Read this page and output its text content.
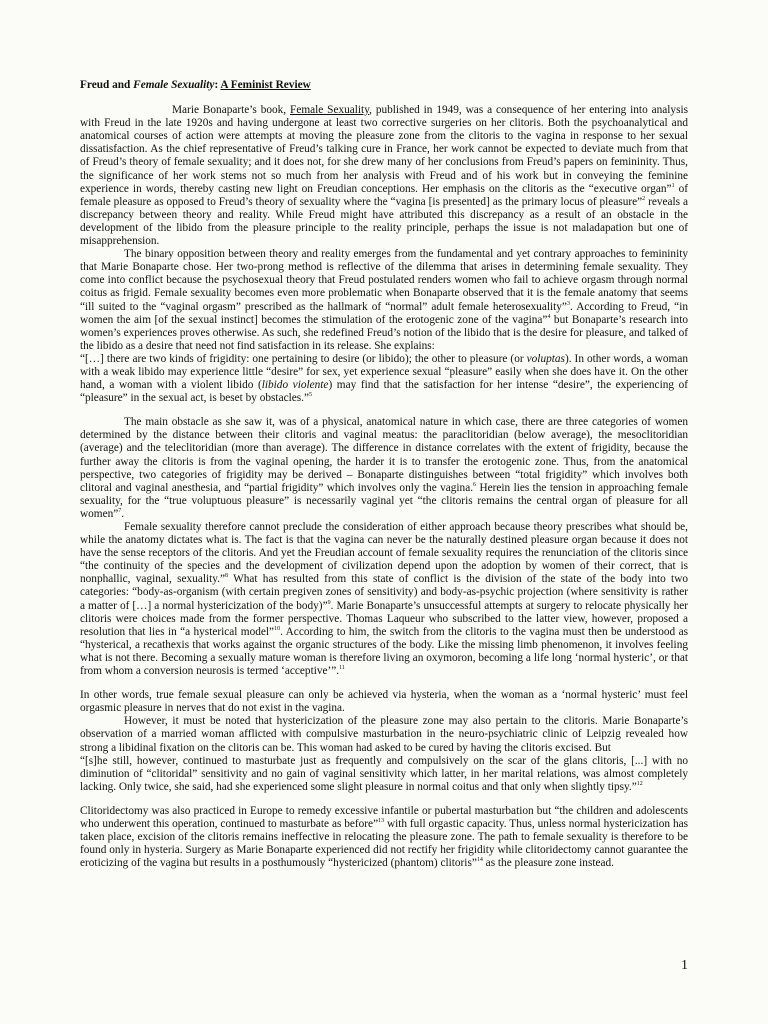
Freud and Female Sexuality: A Feminist Review

Marie Bonaparte’s book, Female Sexuality, published in 1949, was a consequence of her entering into analysis with Freud in the late 1920s and having undergone at least two corrective surgeries on her clitoris. Both the psychoanalytical and anatomical courses of action were attempts at moving the pleasure zone from the clitoris to the vagina in response to her sexual dissatisfaction. As the chief representative of Freud’s talking cure in France, her work cannot be expected to deviate much from that of Freud’s theory of female sexuality; and it does not, for she drew many of her conclusions from Freud’s papers on femininity. Thus, the significance of her work stems not so much from her analysis with Freud and of his work but in conveying the feminine experience in words, thereby casting new light on Freudian conceptions. Her emphasis on the clitoris as the “executive organ”$^1$ of female pleasure as opposed to Freud’s theory of sexuality where the “vagina [is presented] as the primary locus of pleasure”$^2$ reveals a discrepancy between theory and reality. While Freud might have attributed this discrepancy as a result of an obstacle in the development of the libido from the pleasure principle to the reality principle, perhaps the issue is not maladapation but one of misapprehension.

The binary opposition between theory and reality emerges from the fundamental and yet contrary approaches to femininity that Marie Bonaparte chose. Her two-prong method is reflective of the dilemma that arises in determining female sexuality. They come into conflict because the psychosexual theory that Freud postulated renders women who fail to achieve orgasm through normal coitus as frigid. Female sexuality becomes even more problematic when Bonaparte observed that it is the female anatomy that seems “ill suited to the “vaginal orgasm” prescribed as the hallmark of “normal” adult female heterosexuality”$^3$. According to Freud, “in women the aim [of the sexual instinct] becomes the stimulation of the erotogenic zone of the vagina”$^4$ but Bonaparte’s research into women’s experiences proves otherwise. As such, she redefined Freud’s notion of the libido that is the desire for pleasure, and talked of the libido as a desire that need not find satisfaction in its release. She explains:

“[…] there are two kinds of frigidity: one pertaining to desire (or libido); the other to pleasure (or voluptas). In other words, a woman with a weak libido may experience little “desire” for sex, yet experience sexual “pleasure” easily when she does have it. On the other hand, a woman with a violent libido (libido violente) may find that the satisfaction for her intense “desire”, the experiencing of “pleasure” in the sexual act, is beset by obstacles.”$^5$

The main obstacle as she saw it, was of a physical, anatomical nature in which case, there are three categories of women determined by the distance between their clitoris and vaginal meatus: the paraclitoridian (below average), the mesoclitoridian (average) and the teleclitoridian (more than average). The difference in distance correlates with the extent of frigidity, because the further away the clitoris is from the vaginal opening, the harder it is to transfer the erotogenic zone. Thus, from the anatomical perspective, two categories of frigidity may be derived – Bonaparte distinguishes between “total frigidity” which involves both clitoral and vaginal anesthesia, and “partial frigidity” which involves only the vagina.$^6$ Herein lies the tension in approaching female sexuality, for the “true voluptuous pleasure” is necessarily vaginal yet “the clitoris remains the central organ of pleasure for all women”$^7$.

Female sexuality therefore cannot preclude the consideration of either approach because theory prescribes what should be, while the anatomy dictates what is. The fact is that the vagina can never be the naturally destined pleasure organ because it does not have the sense receptors of the clitoris. And yet the Freudian account of female sexuality requires the renunciation of the clitoris since “the continuity of the species and the development of civilization depend upon the adoption by women of their correct, that is nonphallic, vaginal, sexuality.”$^8$ What has resulted from this state of conflict is the division of the state of the body into two categories: “body-as-organism (with certain pregiven zones of sensitivity) and body-as-psychic projection (where sensitivity is rather a matter of […] a normal hystericization of the body)”$^9$. Marie Bonaparte’s unsuccessful attempts at surgery to relocate physically her clitoris were choices made from the former perspective. Thomas Laqueur who subscribed to the latter view, however, proposed a resolution that lies in “a hysterical model”$^{10}$. According to him, the switch from the clitoris to the vagina must then be understood as “hysterical, a recathexis that works against the organic structures of the body. Like the missing limb phenomenon, it involves feeling what is not there. Becoming a sexually mature woman is therefore living an oxymoron, becoming a life long ‘normal hysteric’, or that from whom a conversion neurosis is termed ‘acceptive’”.$^{11}$

In other words, true female sexual pleasure can only be achieved via hysteria, when the woman as a ‘normal hysteric’ must feel orgasmic pleasure in nerves that do not exist in the vagina.

However, it must be noted that hystericization of the pleasure zone may also pertain to the clitoris. Marie Bonaparte’s observation of a married woman afflicted with compulsive masturbation in the neuro-psychiatric clinic of Leipzig revealed how strong a libidinal fixation on the clitoris can be. This woman had asked to be cured by having the clitoris excised. But

“[s]he still, however, continued to masturbate just as frequently and compulsively on the scar of the glans clitoris, [...] with no diminution of “clitoridal” sensitivity and no gain of vaginal sensitivity which latter, in her marital relations, was almost completely lacking. Only twice, she said, had she experienced some slight pleasure in normal coitus and that only when slightly tipsy.”$^{12}$

Clitoridectomy was also practiced in Europe to remedy excessive infantile or pubertal masturbation but “the children and adolescents who underwent this operation, continued to masturbate as before”$^{13}$ with full orgastic capacity. Thus, unless normal hystericization has taken place, excision of the clitoris remains ineffective in relocating the pleasure zone. The path to female sexuality is therefore to be found only in hysteria. Surgery as Marie Bonaparte experienced did not rectify her frigidity while clitoridectomy cannot guarantee the eroticizing of the vagina but results in a posthumously “hystericized (phantom) clitoris”$^{14}$ as the pleasure zone instead.

1
